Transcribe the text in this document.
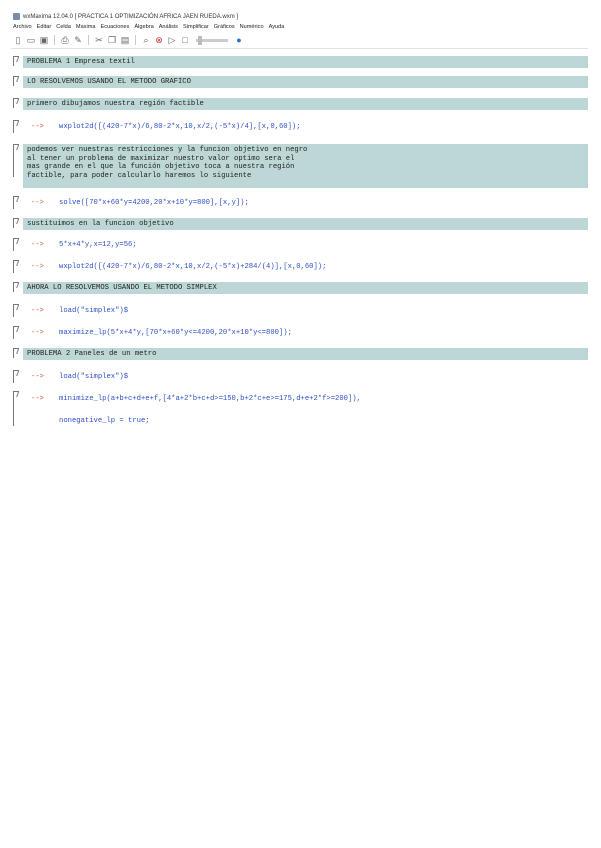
wxMaxima 12.04.0 [ PRACTICA 1 OPTIMIZACIÓN AFRICA JAEN RUEDA.wxm ]
Archivo Editar Celda Maxima Ecuaciones Álgebra Análisis Simplificar Gráficos Numérico Ayuda
▯ ▭ ▣ ⎙ ✎ ✂ ❐ ▤ ⌕ ⊗ ▷ □	●
PROBLEMA 1 Empresa textil
LO RESOLVEMOS USANDO EL METODO GRAFICO
primero dibujamos nuestra región factible
--> wxplot2d([(420-7*x)/6,80-2*x,10,x/2,(-5*x)/4],[x,0,60]);
podemos ver nuestras restricciones y la funcion objetivo en negro
al tener un problema de maximizar nuestro valor optimo sera el
mas grande en el que la función objetivo toca a nuestra región
factible, para poder calcularlo haremos lo siguiente
--> solve([70*x+60*y=4200,20*x+10*y=800],[x,y]);
sustituimos en la funcion objetivo
--> 5*x+4*y,x=12,y=56;
--> wxplot2d([(420-7*x)/6,80-2*x,10,x/2,(-5*x)+284/(4)],[x,0,60]);
AHORA LO RESOLVEMOS USANDO EL METODO SIMPLEX
--> load("simplex")$
--> maximize_lp(5*x+4*y,[70*x+60*y<=4200,20*x+10*y<=800]);
PROBLEMA 2 Paneles de un metro
--> load("simplex")$
--> minimize_lp(a+b+c+d+e+f,[4*a+2*b+c+d>=150,b+2*c+e>=175,d+e+2*f>=200]),
nonegative_lp = true;
